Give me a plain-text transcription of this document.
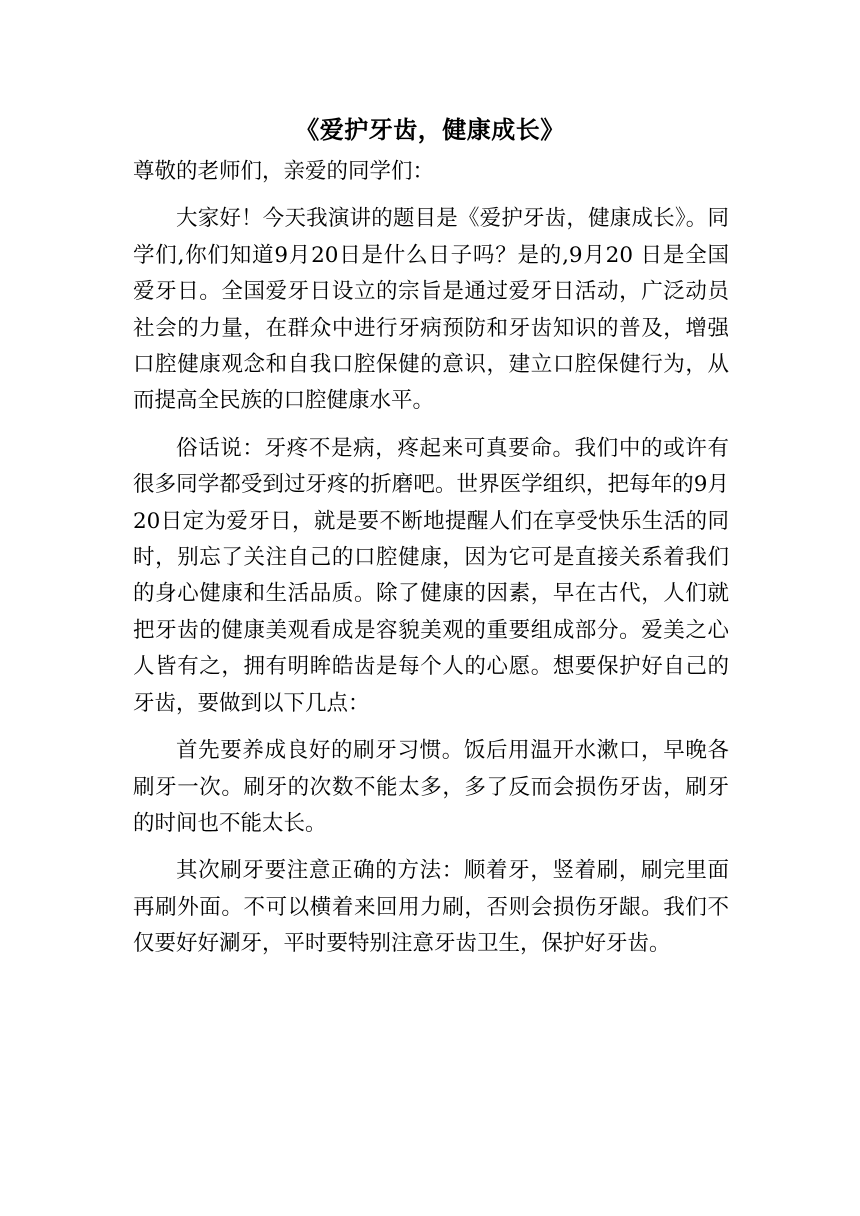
《爱护牙齿，健康成长》

尊敬的老师们，亲爱的同学们：

大家好！今天我演讲的题目是《爱护牙齿，健康成长》。同学们,你们知道9月20日是什么日子吗？是的,9月20 日是全国爱牙日。全国爱牙日设立的宗旨是通过爱牙日活动，广泛动员社会的力量，在群众中进行牙病预防和牙齿知识的普及，增强口腔健康观念和自我口腔保健的意识，建立口腔保健行为，从而提高全民族的口腔健康水平。

俗话说：牙疼不是病，疼起来可真要命。我们中的或许有很多同学都受到过牙疼的折磨吧。世界医学组织，把每年的9月20日定为爱牙日，就是要不断地提醒人们在享受快乐生活的同时，别忘了关注自己的口腔健康，因为它可是直接关系着我们的身心健康和生活品质。除了健康的因素，早在古代，人们就把牙齿的健康美观看成是容貌美观的重要组成部分。爱美之心人皆有之，拥有明眸皓齿是每个人的心愿。想要保护好自己的牙齿，要做到以下几点：

首先要养成良好的刷牙习惯。饭后用温开水漱口，早晚各刷牙一次。刷牙的次数不能太多，多了反而会损伤牙齿，刷牙的时间也不能太长。

其次刷牙要注意正确的方法：顺着牙，竖着刷，刷完里面再刷外面。不可以横着来回用力刷，否则会损伤牙龈。我们不仅要好好涮牙，平时要特别注意牙齿卫生，保护好牙齿。
